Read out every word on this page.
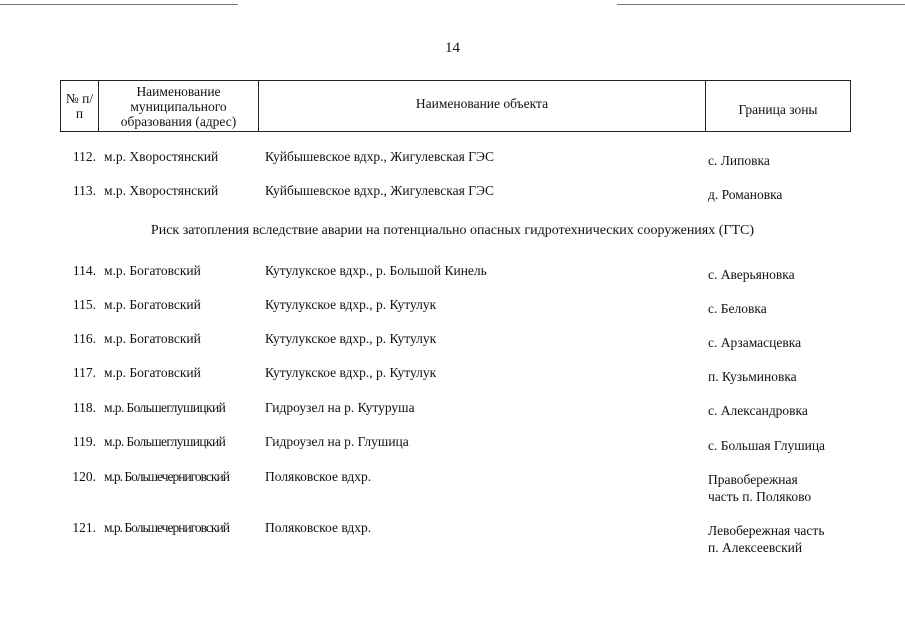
14
№ п/п	Наименование муниципального образования (адрес)	Наименование объекта	Граница зоны
112. м.р. Хворостянский	Куйбышевское вдхр., Жигулевская ГЭС	с. Липовка
113. м.р. Хворостянский	Куйбышевское вдхр., Жигулевская ГЭС	д. Романовка
Риск затопления вследствие аварии на потенциально опасных гидротехнических сооружениях (ГТС)
114. м.р. Богатовский	Кутулукское вдхр., р. Большой Кинель	с. Аверьяновка
115. м.р. Богатовский	Кутулукское вдхр., р. Кутулук	с. Беловка
116. м.р. Богатовский	Кутулукское вдхр., р. Кутулук	с. Арзамасцевка
117. м.р. Богатовский	Кутулукское вдхр., р. Кутулук	п. Кузьминовка
118. м.р. Большеглушицкий	Гидроузел на р. Кутуруша	с. Александровка
119. м.р. Большеглушицкий	Гидроузел на р. Глушица	с. Большая Глушица
120. м.р. Большечерниговский	Поляковское вдхр.	Правобережная
часть п. Поляково
121. м.р. Большечерниговский	Поляковское вдхр.	Левобережная часть
п. Алексеевский
